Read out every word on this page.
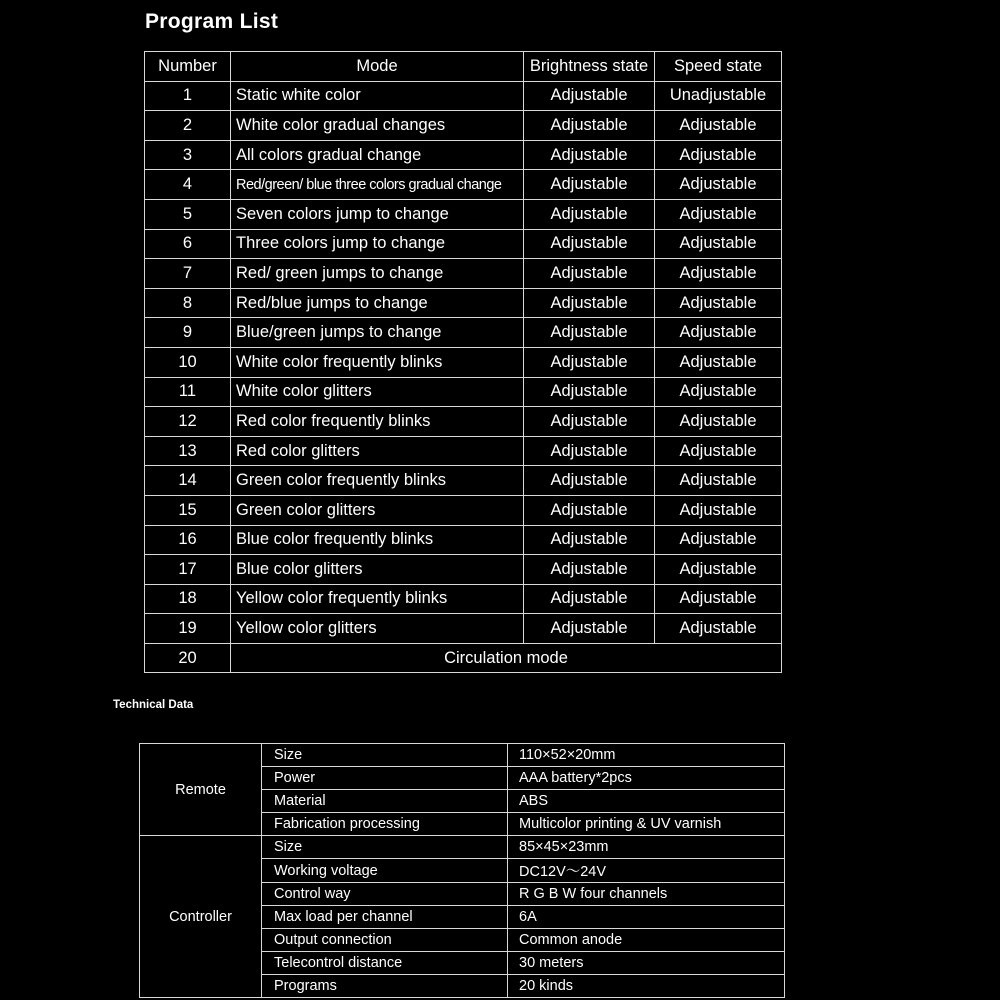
Program List
Number	Mode	Brightness state	Speed state
1	Static white color	Adjustable	Unadjustable
2	White color gradual changes	Adjustable	Adjustable
3	All colors gradual change	Adjustable	Adjustable
4	Red/green/ blue three colors gradual change	Adjustable	Adjustable
5	Seven colors jump to change	Adjustable	Adjustable
6	Three colors jump to change	Adjustable	Adjustable
7	Red/ green jumps to change	Adjustable	Adjustable
8	Red/blue jumps to change	Adjustable	Adjustable
9	Blue/green jumps to change	Adjustable	Adjustable
10	White color frequently blinks	Adjustable	Adjustable
11	White color glitters	Adjustable	Adjustable
12	Red color frequently blinks	Adjustable	Adjustable
13	Red color glitters	Adjustable	Adjustable
14	Green color frequently blinks	Adjustable	Adjustable
15	Green color glitters	Adjustable	Adjustable
16	Blue color frequently blinks	Adjustable	Adjustable
17	Blue color glitters	Adjustable	Adjustable
18	Yellow color frequently blinks	Adjustable	Adjustable
19	Yellow color glitters	Adjustable	Adjustable
20	Circulation mode		
Technical Data
Remote	Size	110×52×20mm
	Power	AAA battery*2pcs
	Material	ABS
	Fabrication processing	Multicolor printing & UV varnish
Controller	Size	85×45×23mm
	Working voltage	DC12V～24V
	Control way	R G B W four channels
	Max load per channel	6A
	Output connection	Common anode
	Telecontrol distance	30 meters
	Programs	20 kinds
